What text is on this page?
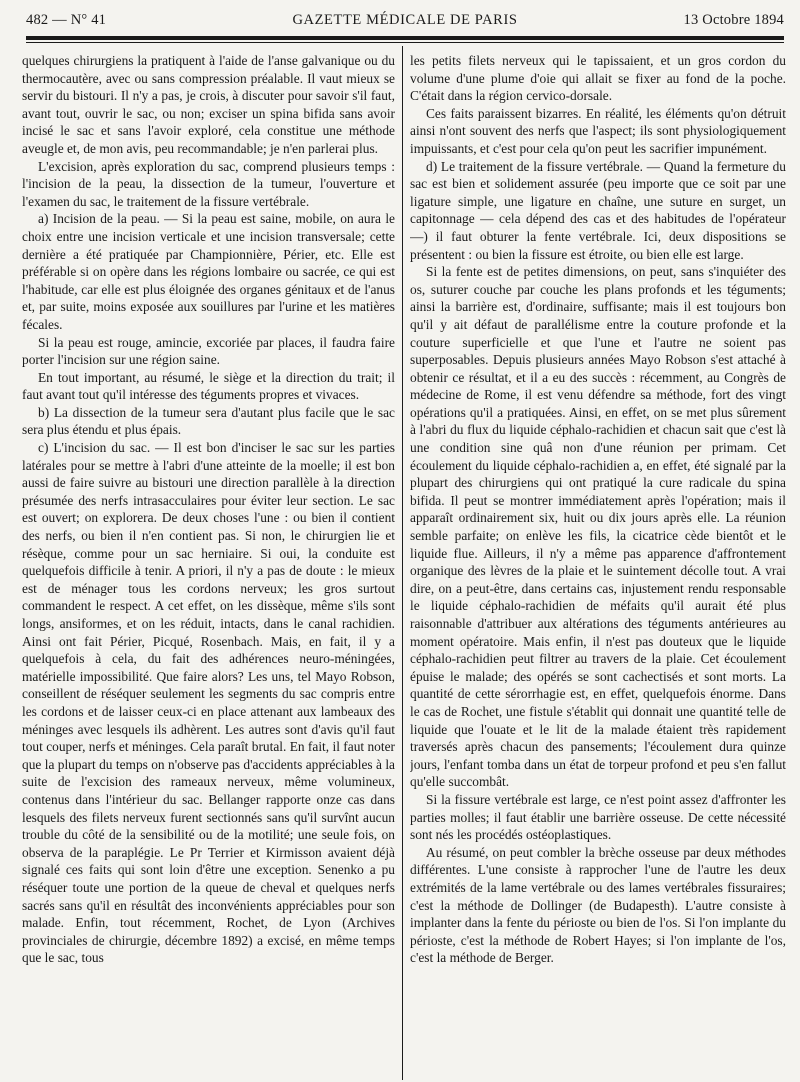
482 — N° 41	GAZETTE MÉDICALE DE PARIS	13 Octobre 1894

quelques chirurgiens la pratiquent à l'aide de l'anse galvanique ou du thermocautère, avec ou sans compression préalable. Il vaut mieux se servir du bistouri. Il n'y a pas, je crois, à discuter pour savoir s'il faut, avant tout, ouvrir le sac, ou non; exciser un spina bifida sans avoir incisé le sac et sans l'avoir exploré, cela constitue une méthode aveugle et, de mon avis, peu recommandable; je n'en parlerai plus.

L'excision, après exploration du sac, comprend plusieurs temps : l'incision de la peau, la dissection de la tumeur, l'ouverture et l'examen du sac, le traitement de la fissure vertébrale.

a) Incision de la peau. — Si la peau est saine, mobile, on aura le choix entre une incision verticale et une incision transversale; cette dernière a été pratiquée par Championnière, Périer, etc. Elle est préférable si on opère dans les régions lombaire ou sacrée, ce qui est l'habitude, car elle est plus éloignée des organes génitaux et de l'anus et, par suite, moins exposée aux souillures par l'urine et les matières fécales.

Si la peau est rouge, amincie, excoriée par places, il faudra faire porter l'incision sur une région saine.

En tout important, au résumé, le siège et la direction du trait; il faut avant tout qu'il intéresse des téguments propres et vivaces.

b) La dissection de la tumeur sera d'autant plus facile que le sac sera plus étendu et plus épais.

c) L'incision du sac. — Il est bon d'inciser le sac sur les parties latérales pour se mettre à l'abri d'une atteinte de la moelle; il est bon aussi de faire suivre au bistouri une direction parallèle à la direction présumée des nerfs intrasacculaires pour éviter leur section. Le sac est ouvert; on explorera. De deux choses l'une : ou bien il contient des nerfs, ou bien il n'en contient pas. Si non, le chirurgien lie et résèque, comme pour un sac herniaire. Si oui, la conduite est quelquefois difficile à tenir. A priori, il n'y a pas de doute : le mieux est de ménager tous les cordons nerveux; les gros surtout commandent le respect. A cet effet, on les dissèque, même s'ils sont longs, ansiformes, et on les réduit, intacts, dans le canal rachidien. Ainsi ont fait Périer, Picqué, Rosenbach. Mais, en fait, il y a quelquefois à cela, du fait des adhérences neuro-méningées, matérielle impossibilité. Que faire alors? Les uns, tel Mayo Robson, conseillent de réséquer seulement les segments du sac compris entre les cordons et de laisser ceux-ci en place attenant aux lambeaux des méninges avec lesquels ils adhèrent. Les autres sont d'avis qu'il faut tout couper, nerfs et méninges. Cela paraît brutal. En fait, il faut noter que la plupart du temps on n'observe pas d'accidents appréciables à la suite de l'excision des rameaux nerveux, même volumineux, contenus dans l'intérieur du sac. Bellanger rapporte onze cas dans lesquels des filets nerveux furent sectionnés sans qu'il survînt aucun trouble du côté de la sensibilité ou de la motilité; une seule fois, on observa de la paraplégie. Le Pr Terrier et Kirmisson avaient déjà signalé ces faits qui sont loin d'être une exception. Senenko a pu réséquer toute une portion de la queue de cheval et quelques nerfs sacrés sans qu'il en résultât des inconvénients appréciables pour son malade. Enfin, tout récemment, Rochet, de Lyon (Archives provinciales de chirurgie, décembre 1892) a excisé, en même temps que le sac, tous

les petits filets nerveux qui le tapissaient, et un gros cordon du volume d'une plume d'oie qui allait se fixer au fond de la poche. C'était dans la région cervico-dorsale.

Ces faits paraissent bizarres. En réalité, les éléments qu'on détruit ainsi n'ont souvent des nerfs que l'aspect; ils sont physiologiquement impuissants, et c'est pour cela qu'on peut les sacrifier impunément.

d) Le traitement de la fissure vertébrale. — Quand la fermeture du sac est bien et solidement assurée (peu importe que ce soit par une ligature simple, une ligature en chaîne, une suture en surget, un capitonnage — cela dépend des cas et des habitudes de l'opérateur —) il faut obturer la fente vertébrale. Ici, deux dispositions se présentent : ou bien la fissure est étroite, ou bien elle est large.

Si la fente est de petites dimensions, on peut, sans s'inquiéter des os, suturer couche par couche les plans profonds et les téguments; ainsi la barrière est, d'ordinaire, suffisante; mais il est toujours bon qu'il y ait défaut de parallélisme entre la couture profonde et la couture superficielle et que l'une et l'autre ne soient pas superposables. Depuis plusieurs années Mayo Robson s'est attaché à obtenir ce résultat, et il a eu des succès : récemment, au Congrès de médecine de Rome, il est venu défendre sa méthode, fort des vingt opérations qu'il a pratiquées. Ainsi, en effet, on se met plus sûrement à l'abri du flux du liquide céphalo-rachidien et chacun sait que c'est là une condition sine quâ non d'une réunion per primam. Cet écoulement du liquide céphalo-rachidien a, en effet, été signalé par la plupart des chirurgiens qui ont pratiqué la cure radicale du spina bifida. Il peut se montrer immédiatement après l'opération; mais il apparaît ordinairement six, huit ou dix jours après elle. La réunion semble parfaite; on enlève les fils, la cicatrice cède bientôt et le liquide flue. Ailleurs, il n'y a même pas apparence d'affrontement organique des lèvres de la plaie et le suintement décolle tout. A vrai dire, on a peut-être, dans certains cas, injustement rendu responsable le liquide céphalo-rachidien de méfaits qu'il aurait été plus raisonnable d'attribuer aux altérations des téguments antérieures au moment opératoire. Mais enfin, il n'est pas douteux que le liquide céphalo-rachidien peut filtrer au travers de la plaie. Cet écoulement épuise le malade; des opérés se sont cachectisés et sont morts. La quantité de cette sérorrhagie est, en effet, quelquefois énorme. Dans le cas de Rochet, une fistule s'établit qui donnait une quantité telle de liquide que l'ouate et le lit de la malade étaient très rapidement traversés après chacun des pansements; l'écoulement dura quinze jours, l'enfant tomba dans un état de torpeur profond et peu s'en fallut qu'elle succombât.

Si la fissure vertébrale est large, ce n'est point assez d'affronter les parties molles; il faut établir une barrière osseuse. De cette nécessité sont nés les procédés ostéoplastiques.

Au résumé, on peut combler la brèche osseuse par deux méthodes différentes. L'une consiste à rapprocher l'une de l'autre les deux extrémités de la lame vertébrale ou des lames vertébrales fissuraires; c'est la méthode de Dollinger (de Budapesth). L'autre consiste à implanter dans la fente du périoste ou bien de l'os. Si l'on implante du périoste, c'est la méthode de Robert Hayes; si l'on implante de l'os, c'est la méthode de Berger.
